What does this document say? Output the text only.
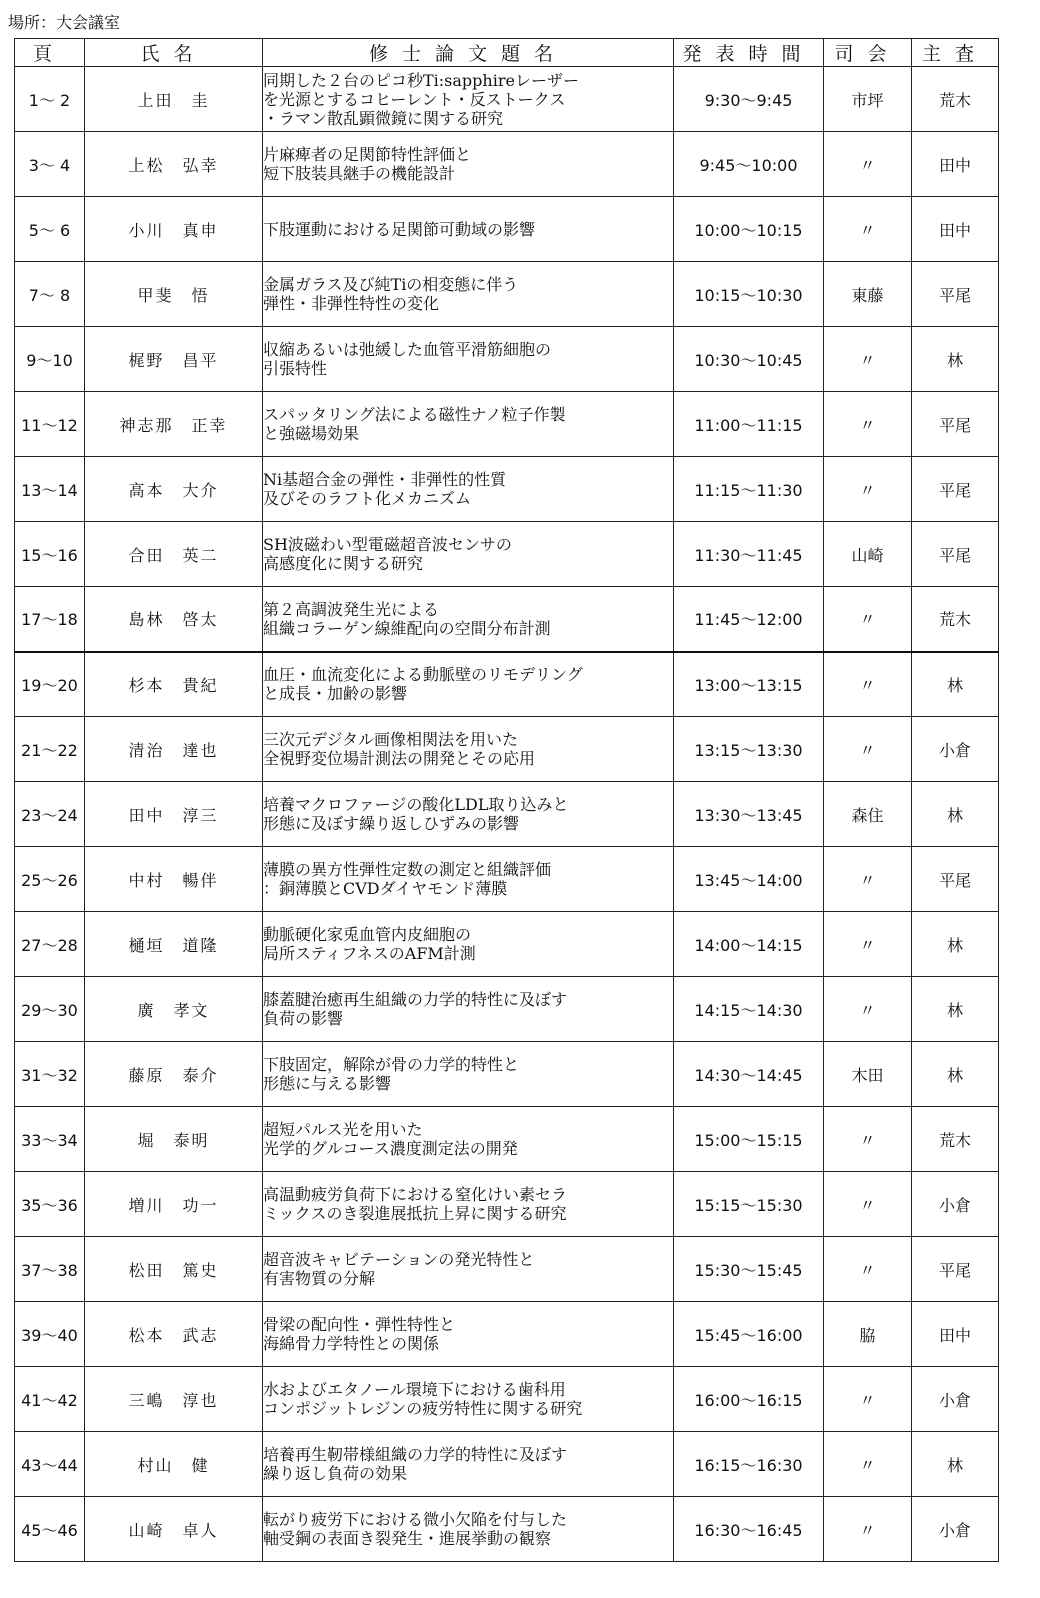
場所：大会議室
頁	氏名	修士論文題名	発表時間	司会	主査
1～ 2	上田　圭	同期した２台のピコ秒Ti:sapphireレーザー
を光源とするコヒーレント・反ストークス
・ラマン散乱顕微鏡に関する研究	9:30～9:45	市坪	荒木
3～ 4	上松　弘幸	片麻痺者の足関節特性評価と
短下肢装具継手の機能設計	9:45～10:00	〃	田中
5～ 6	小川　真申	下肢運動における足関節可動域の影響	10:00～10:15	〃	田中
7～ 8	甲斐　悟	金属ガラス及び純Tiの相変態に伴う
弾性・非弾性特性の変化	10:15～10:30	東藤	平尾
9～10	梶野　昌平	収縮あるいは弛緩した血管平滑筋細胞の
引張特性	10:30～10:45	〃	林
11～12	神志那　正幸	スパッタリング法による磁性ナノ粒子作製
と強磁場効果	11:00～11:15	〃	平尾
13～14	高本　大介	Ni基超合金の弾性・非弾性的性質
及びそのラフト化メカニズム	11:15～11:30	〃	平尾
15～16	合田　英二	SH波磁わい型電磁超音波センサの
高感度化に関する研究	11:30～11:45	山崎	平尾
17～18	島林　啓太	第２高調波発生光による
組織コラーゲン線維配向の空間分布計測	11:45～12:00	〃	荒木
19～20	杉本　貴紀	血圧・血流変化による動脈壁のリモデリング
と成長・加齢の影響	13:00～13:15	〃	林
21～22	清治　達也	三次元デジタル画像相関法を用いた
全視野変位場計測法の開発とその応用	13:15～13:30	〃	小倉
23～24	田中　淳三	培養マクロファージの酸化LDL取り込みと
形態に及ぼす繰り返しひずみの影響	13:30～13:45	森住	林
25～26	中村　暢伴	薄膜の異方性弾性定数の測定と組織評価
：銅薄膜とCVDダイヤモンド薄膜	13:45～14:00	〃	平尾
27～28	樋垣　道隆	動脈硬化家兎血管内皮細胞の
局所スティフネスのAFM計測	14:00～14:15	〃	林
29～30	廣　孝文	膝蓋腱治癒再生組織の力学的特性に及ぼす
負荷の影響	14:15～14:30	〃	林
31～32	藤原　泰介	下肢固定，解除が骨の力学的特性と
形態に与える影響	14:30～14:45	木田	林
33～34	堀　泰明	超短パルス光を用いた
光学的グルコース濃度測定法の開発	15:00～15:15	〃	荒木
35～36	増川　功一	高温動疲労負荷下における窒化けい素セラ
ミックスのき裂進展抵抗上昇に関する研究	15:15～15:30	〃	小倉
37～38	松田　篤史	超音波キャビテーションの発光特性と
有害物質の分解	15:30～15:45	〃	平尾
39～40	松本　武志	骨梁の配向性・弾性特性と
海綿骨力学特性との関係	15:45～16:00	脇	田中
41～42	三嶋　淳也	水およびエタノール環境下における歯科用
コンポジットレジンの疲労特性に関する研究	16:00～16:15	〃	小倉
43～44	村山　健	培養再生靭帯様組織の力学的特性に及ぼす
繰り返し負荷の効果	16:15～16:30	〃	林
45～46	山崎　卓人	転がり疲労下における微小欠陥を付与した
軸受鋼の表面き裂発生・進展挙動の観察	16:30～16:45	〃	小倉
